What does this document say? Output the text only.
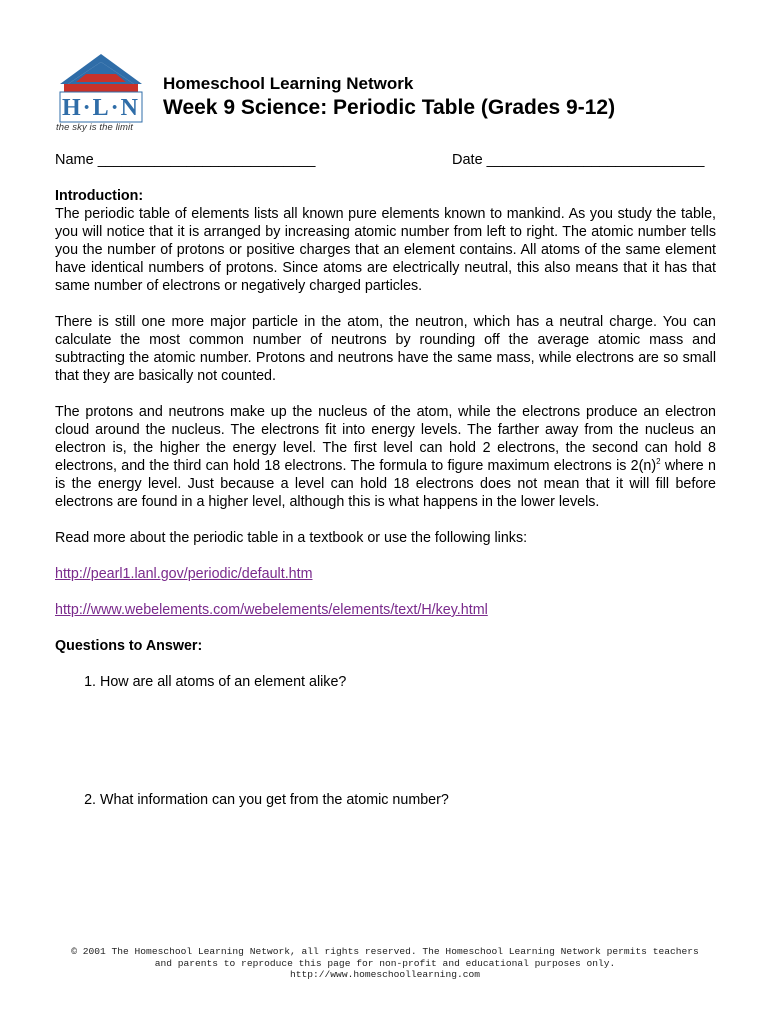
H·L·N
the sky is the limit
Homeschool Learning Network
Week 9 Science: Periodic Table (Grades 9-12)
Name ___________________________	Date ___________________________
Introduction:

The periodic table of elements lists all known pure elements known to mankind. As you study the table, you will notice that it is arranged by increasing atomic number from left to right. The atomic number tells you the number of protons or positive charges that an element contains. All atoms of the same element have identical numbers of protons. Since atoms are electrically neutral, this also means that it has that same number of electrons or negatively charged particles.

There is still one more major particle in the atom, the neutron, which has a neutral charge. You can calculate the most common number of neutrons by rounding off the average atomic mass and subtracting the atomic number. Protons and neutrons have the same mass, while electrons are so small that they are basically not counted.

The protons and neutrons make up the nucleus of the atom, while the electrons produce an electron cloud around the nucleus. The electrons fit into energy levels. The farther away from the nucleus an electron is, the higher the energy level. The first level can hold 2 electrons, the second can hold 8 electrons, and the third can hold 18 electrons. The formula to figure maximum electrons is $2(n)^2$ where n is the energy level. Just because a level can hold 18 electrons does not mean that it will fill before electrons are found in a higher level, although this is what happens in the lower levels.

Read more about the periodic table in a textbook or use the following links:

http://pearl1.lanl.gov/periodic/default.htm

http://www.webelements.com/webelements/elements/text/H/key.html

Questions to Answer:
1. How are all atoms of an element alike?
2. What information can you get from the atomic number?
© 2001 The Homeschool Learning Network, all rights reserved. The Homeschool Learning Network permits teachers
and parents to reproduce this page for non-profit and educational purposes only.
http://www.homeschoollearning.com
